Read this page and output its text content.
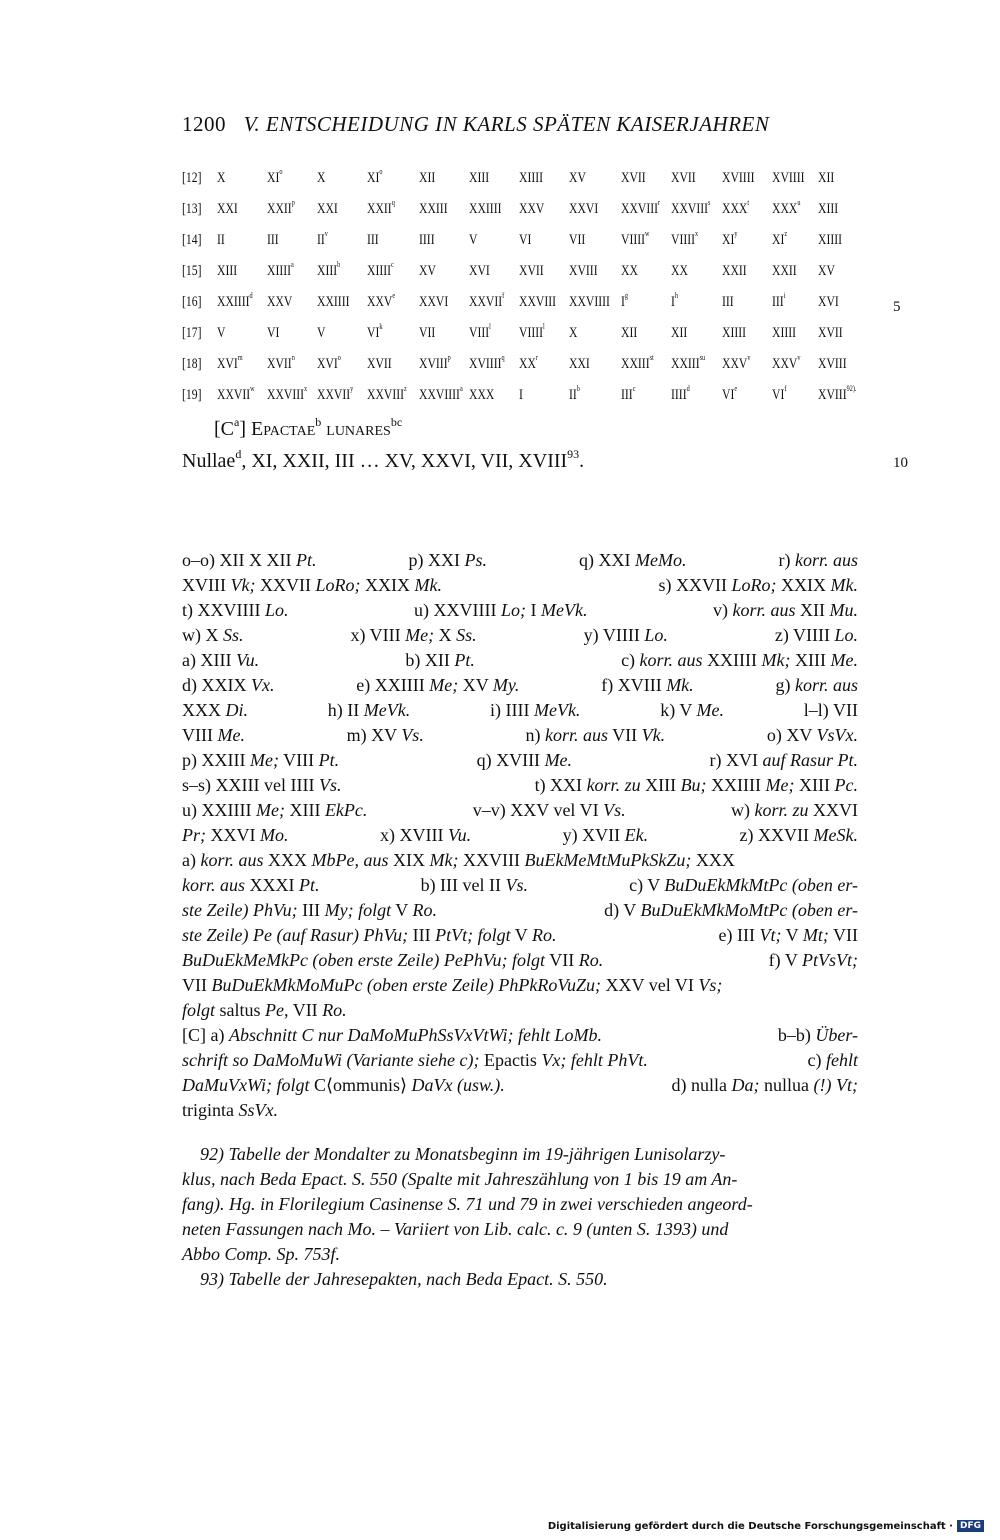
1200 V. ENTSCHEIDUNG IN KARLS SPÄTEN KAISERJAHREN
[12] X	$XI^o$ X	$XI^o$ XII XIII XIIII XV XVII XVII XVIIII XVIIII XII
[13] XXI XXII$^p$ XXI XXII$^q$ XXIII XXIIII XXV XXVI XXVIII$^r$ XXVIII$^s$ XXX$^t$ XXX$^u$ XIII
[14] II	III	$II^v$	III	IIII V	VI	VII VIIII$^w$ VIIII$^x$ $XI^y$ $XI^z$ XIIII
[15] XIII XIIII$^a$ XIII$^b$ XIIII$^c$ XV XVI XVII XVIII XX XX XXII XXII XV
[16] XXIIII$^d$ XXV XXIIII XXVe XXVI XXVII$^f$ XXVIII XXVIIII $I^g$	$I^h$	III	III$^i$ XVI
[17] V	VI	V	$VI^k$ VII VIII$^l$ VIIII$^l$ X	XII XII XIIII XIIII XVII
[18] XVI$^m$ XVII$^n$ XVI$^o$ XVII XVIII$^p$ XVIIII$^q$ $XX^r$ XXI XXIIIst $XXIII^{su}$ XXV$^v$ XXV$^v$ XVIII
[19] XXVII$^w$ XXVIII$^x$ XXVII$^y$ XXVIII$^z$ XXVIIII$^a$ XXX I	$II^b$	III$^c$ IIII$^d$ VIe $VI^f$ $XVIII^{92).}$
5
10
$[C^a]$ Epactae$^b$ lunares$^{bc}$
Nullae$^d$, XI, XXII, III … XV, XXVI, VII, XVIII$^{93}$.
o–o) XII X XII Pt.	p) XXI Ps.	q) XXI MeMo.	r) korr. aus
XVIII Vk; XXVII LoRo; XXIX Mk.	s) XXVII LoRo; XXIX Mk.
t) XXVIIII Lo.	u) XXVIIII Lo; I MeVk.	v) korr. aus XII Mu.
w) X Ss.	x) VIII Me; X Ss.	y) VIIII Lo.	z) VIIII Lo.
a) XIII Vu.	b) XII Pt.	c) korr. aus XXIIII Mk; XIII Me.
d) XXIX Vx.	e) XXIIII Me; XV My.	f) XVIII Mk.	g) korr. aus
XXX Di.	h) II MeVk.	i) IIII MeVk.	k) V Me.	l–l) VII
VIII Me.	m) XV Vs.	n) korr. aus VII Vk.	o) XV VsVx.
p) XXIII Me; VIII Pt.	q) XVIII Me.	r) XVI auf Rasur Pt.
s–s) XXIII vel IIII Vs.	t) XXI korr. zu XIII Bu; XXIIII Me; XIII Pc.
u) XXIIII Me; XIII EkPc.	v–v) XXV vel VI Vs.	w) korr. zu XXVI
Pr; XXVI Mo.	x) XVIII Vu.	y) XVII Ek.	z) XXVII MeSk.
a) korr. aus XXX MbPe, aus XIX Mk; XXVIII BuEkMeMtMuPkSkZu; XXX
korr. aus XXXI Pt.	b) III vel II Vs.	c) V BuDuEkMkMtPc (oben er-
ste Zeile) PhVu; III My; folgt V Ro.	d) V BuDuEkMkMoMtPc (oben er-
ste Zeile) Pe (auf Rasur) PhVu; III PtVt; folgt V Ro.	e) III Vt; V Mt; VII
BuDuEkMeMkPc (oben erste Zeile) PePhVu; folgt VII Ro.	f) V PtVsVt;
VII BuDuEkMkMoMuPc (oben erste Zeile) PhPkRoVuZu; XXV vel VI Vs;
folgt saltus Pe, VII Ro.
[C] a) Abschnitt C nur DaMoMuPhSsVxVtWi; fehlt LoMb.	b–b) Über-
schrift so DaMoMuWi (Variante siehe c); Epactis Vx; fehlt PhVt.	c) fehlt
DaMuVxWi; folgt C⟨ommunis⟩ DaVx (usw.).	d) nulla Da; nullua (!) Vt;
triginta SsVx.
92) Tabelle der Mondalter zu Monatsbeginn im 19-jährigen Lunisolarzy-
klus, nach Beda Epact. S. 550 (Spalte mit Jahreszählung von 1 bis 19 am An-
fang). Hg. in Florilegium Casinense S. 71 und 79 in zwei verschieden angeord-
neten Fassungen nach Mo. – Variiert von Lib. calc. c. 9 (unten S. 1393) und
Abbo Comp. Sp. 753f.
93) Tabelle der Jahresepakten, nach Beda Epact. S. 550.
Digitalisierung gefördert durch die Deutsche Forschungsgemeinschaft · DFG
